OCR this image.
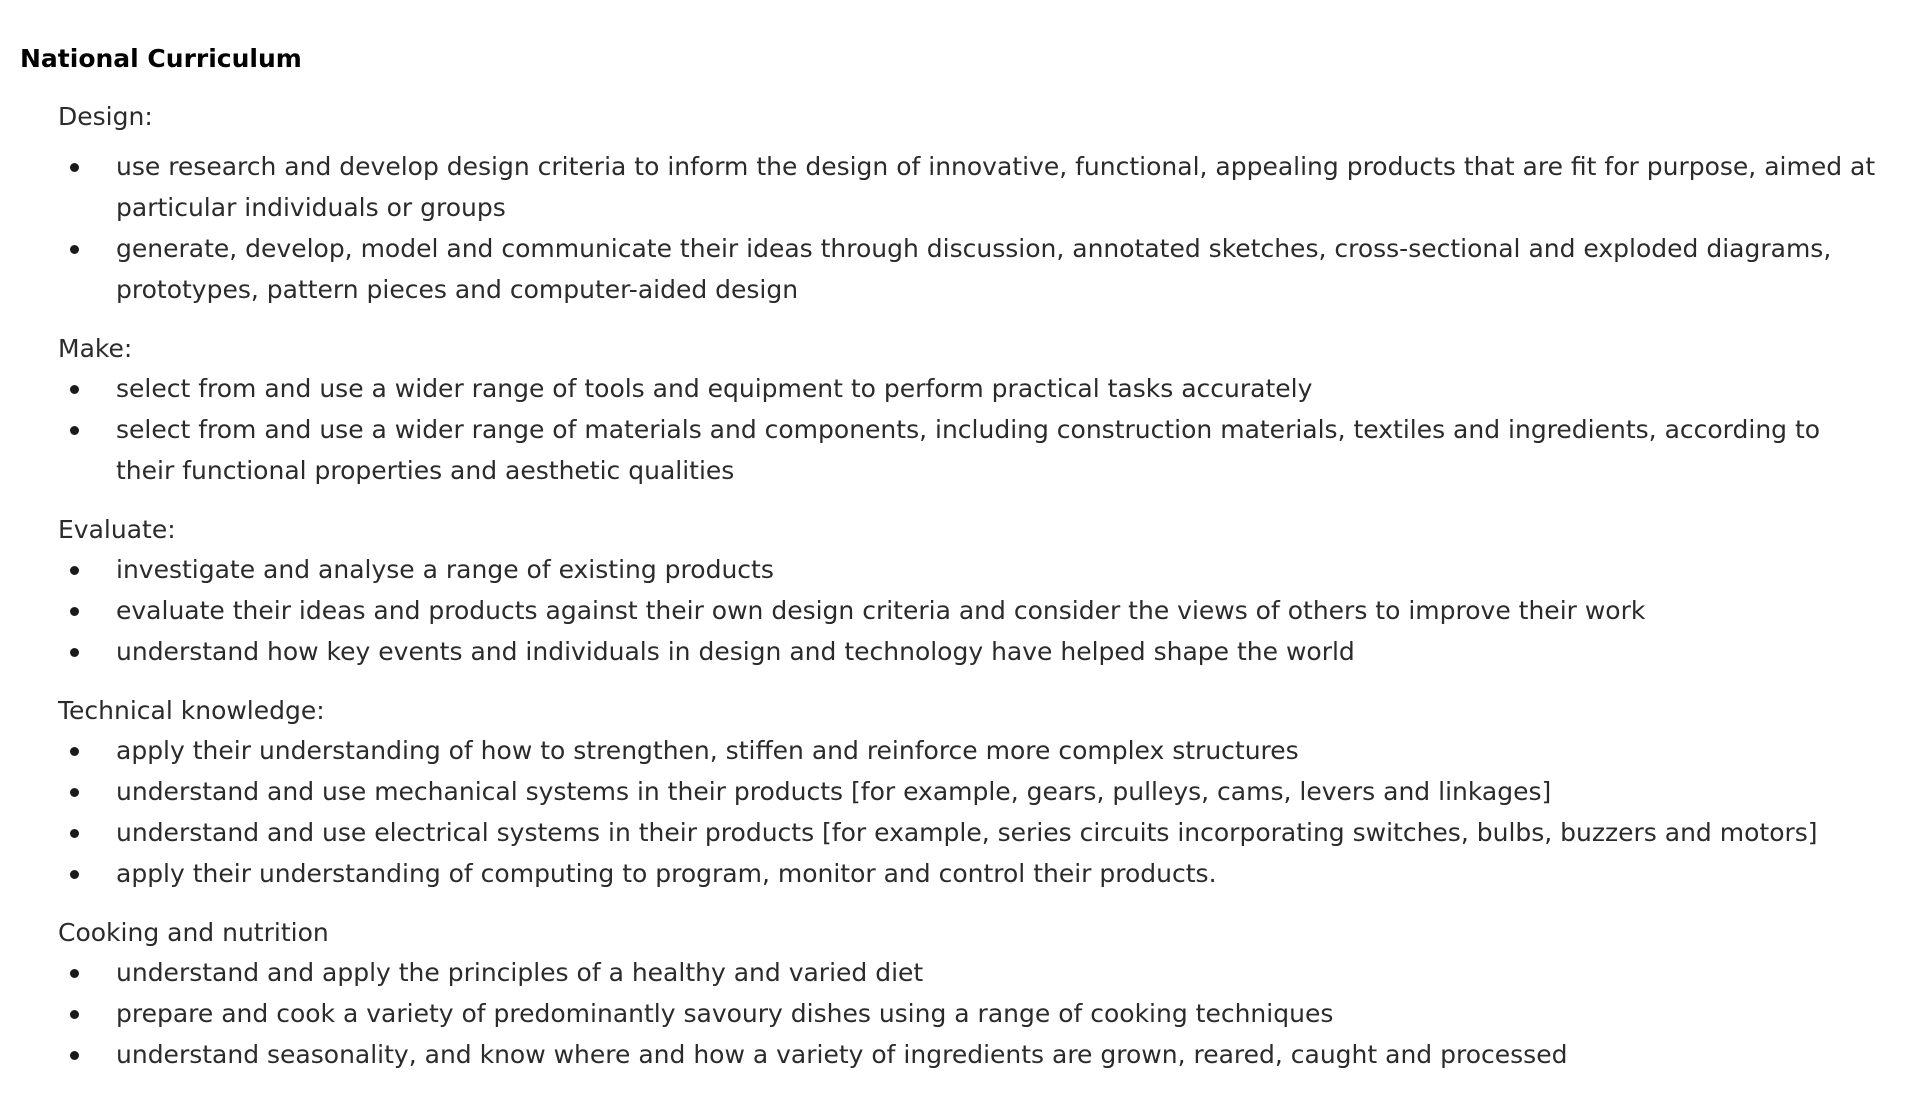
National Curriculum
Design:
use research and develop design criteria to inform the design of innovative, functional, appealing products that are fit for purpose, aimed at particular individuals or groups
generate, develop, model and communicate their ideas through discussion, annotated sketches, cross-sectional and exploded diagrams, prototypes, pattern pieces and computer-aided design
Make:
select from and use a wider range of tools and equipment to perform practical tasks accurately
select from and use a wider range of materials and components, including construction materials, textiles and ingredients, according to their functional properties and aesthetic qualities
Evaluate:
investigate and analyse a range of existing products
evaluate their ideas and products against their own design criteria and consider the views of others to improve their work
understand how key events and individuals in design and technology have helped shape the world
Technical knowledge:
apply their understanding of how to strengthen, stiffen and reinforce more complex structures
understand and use mechanical systems in their products [for example, gears, pulleys, cams, levers and linkages]
understand and use electrical systems in their products [for example, series circuits incorporating switches, bulbs, buzzers and motors]
apply their understanding of computing to program, monitor and control their products.
Cooking and nutrition
understand and apply the principles of a healthy and varied diet
prepare and cook a variety of predominantly savoury dishes using a range of cooking techniques
understand seasonality, and know where and how a variety of ingredients are grown, reared, caught and processed
